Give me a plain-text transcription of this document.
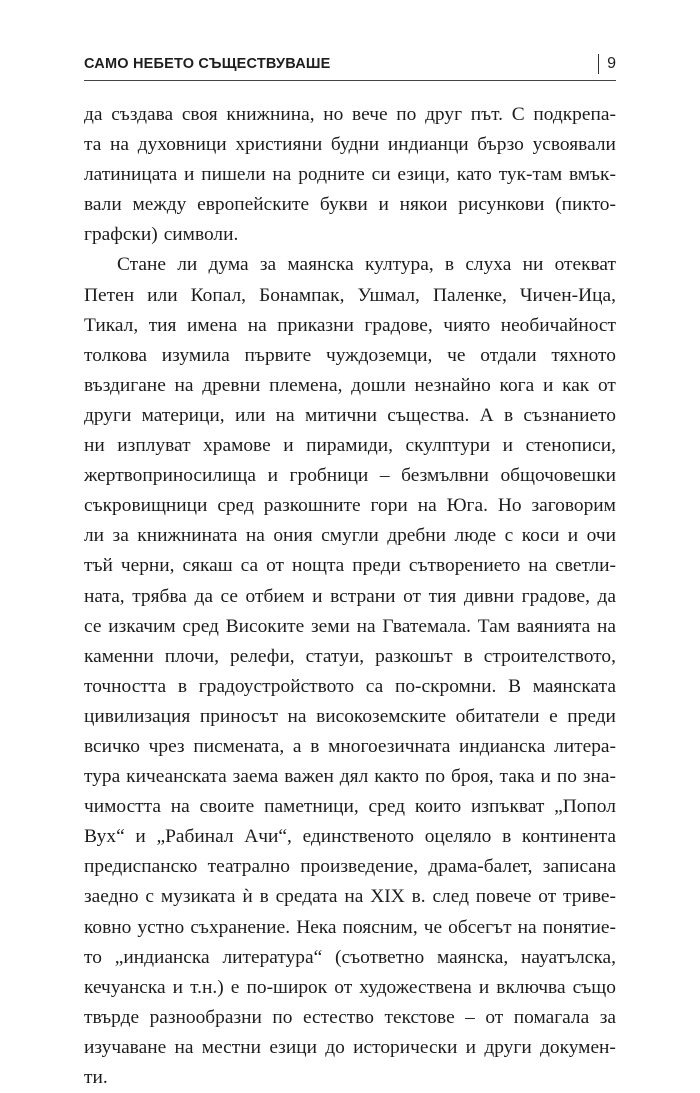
САМО НЕБЕТО СЪЩЕСТВУВАШЕ	9
да създава своя книжнина, но вече по друг път. С подкрепа-
та на духовници християни будни индианци бързо усвоявали
латиницата и пишели на родните си езици, като тук-там вмък-
вали между европейските букви и някои рисункови (пикто-
графски) символи.
Стане ли дума за маянска култура, в слуха ни отекват
Петен или Копал, Бонампак, Ушмал, Паленке, Чичен-Ица,
Тикал, тия имена на приказни градове, чиято необичайност
толкова изумила първите чуждоземци, че отдали тяхното
въздигане на древни племена, дошли незнайно кога и как от
други материци, или на митични същества. А в съзнанието
ни изплуват храмове и пирамиди, скулптури и стенописи,
жертвоприносилища и гробници – безмълвни общочовешки
съкровищници сред разкошните гори на Юга. Но заговорим
ли за книжнината на ония смугли дребни люде с коси и очи
тъй черни, сякаш са от нощта преди сътворението на светли-
ната, трябва да се отбием и встрани от тия дивни градове, да
се изкачим сред Високите земи на Гватемала. Там ваянията на
каменни плочи, релефи, статуи, разкошът в строителството,
точността в градоустройството са по-скромни. В маянската
цивилизация приносът на високоземските обитатели е преди
всичко чрез писмената, а в многоезичната индианска литера-
тура кичеанската заема важен дял както по броя, така и по зна-
чимостта на своите паметници, сред които изпъкват „Попол
Вух“ и „Рабинал Ачи“, единственото оцеляло в континента
предиспанско театрално произведение, драма-балет, записана
заедно с музиката ѝ в средата на XIX в. след повече от триве-
ковно устно съхранение. Нека поясним, че обсегът на понятие-
то „индианска литература“ (съответно маянска, науатълска,
кечуанска и т.н.) е по-широк от художествена и включва също
твърде разнообразни по естество текстове – от помагала за
изучаване на местни езици до исторически и други докумен-
ти.
